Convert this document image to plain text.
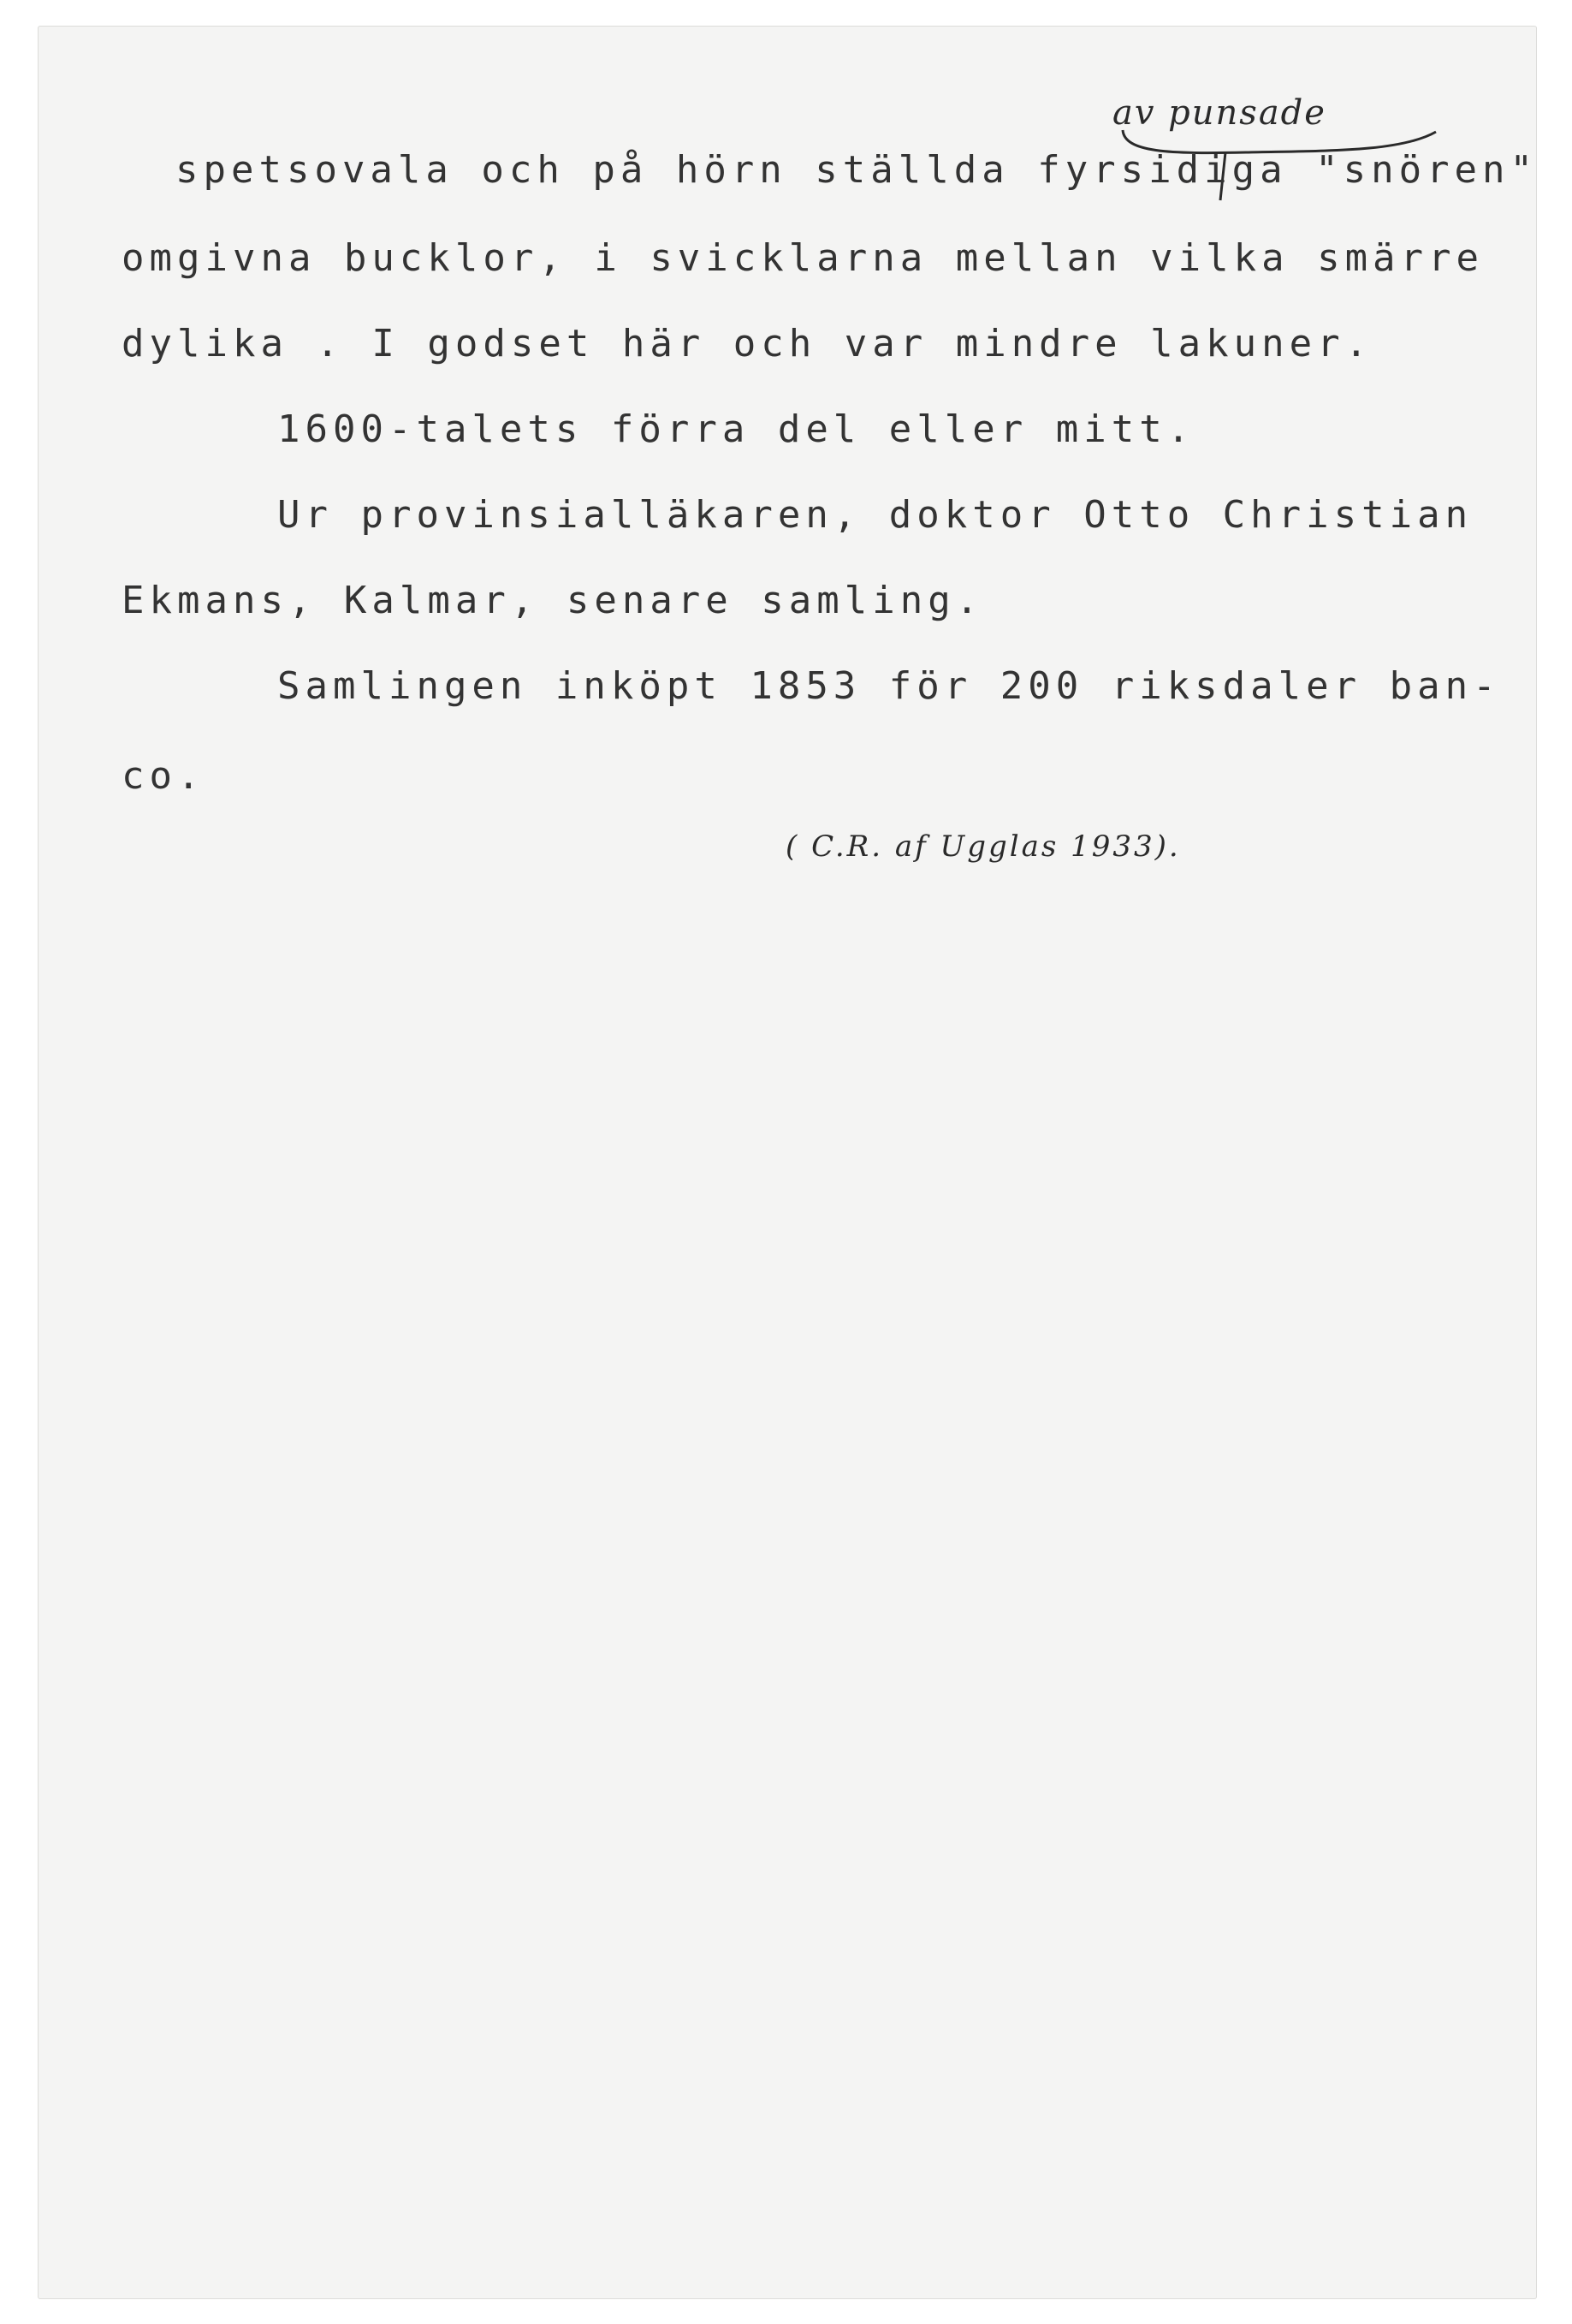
spetsovala och på hörn ställda fyrsidiga "snören"
omgivna bucklor, i svicklarna mellan vilka smärre
dylika . I godset här och var mindre lakuner.
1600-talets förra del eller mitt.
Ur provinsialläkaren, doktor Otto Christian
Ekmans, Kalmar, senare samling.
Samlingen inköpt 1853 för 200 riksdaler ban-
co.
av punsade
( C.R. af Ugglas 1933).
